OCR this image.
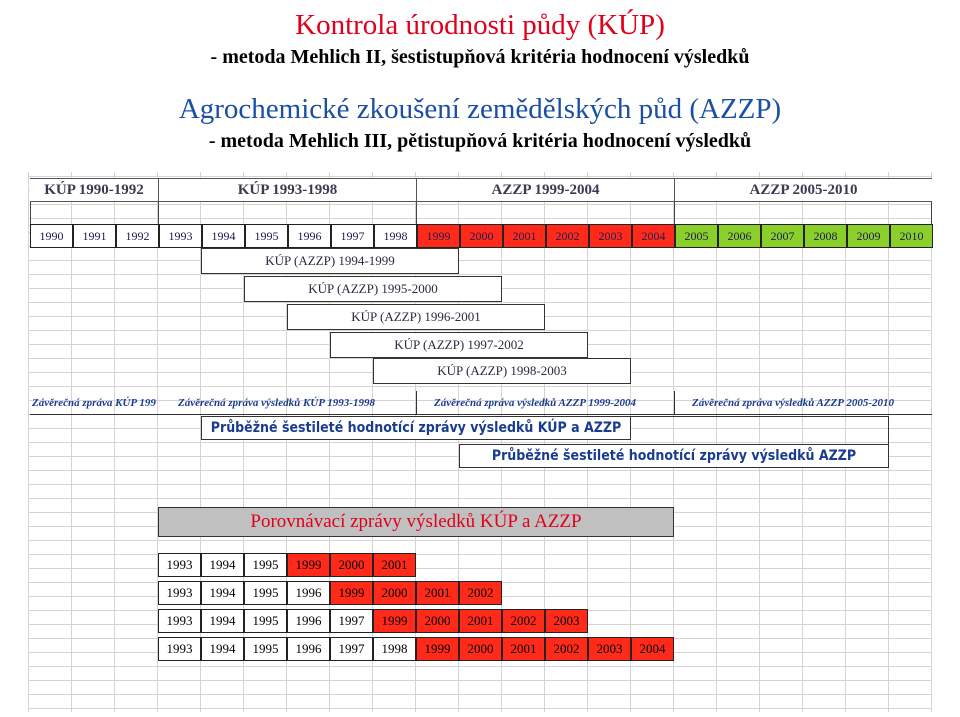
Kontrola úrodnosti půdy (KÚP)
- metoda Mehlich II, šestistupňová kritéria hodnocení výsledků
Agrochemické zkoušení zemědělských půd (AZZP)
- metoda Mehlich III, pětistupňová kritéria hodnocení výsledků
KÚP 1990-1992	KÚP 1993-1998	AZZP 1999-2004	AZZP 2005-2010
1990	1991	1992	1993	1994	1995	1996	1997	1998	1999	2000	2001	2002	2003	2004	2005	2006	2007	2008	2009	2010
KÚP (AZZP) 1994-1999
KÚP (AZZP) 1995-2000
KÚP (AZZP) 1996-2001
KÚP (AZZP) 1997-2002
KÚP (AZZP) 1998-2003
Závěrečná zpráva KÚP 199 Závěrečná zpráva výsledků KÚP 1993-1998	Závěrečná zpráva výsledků AZZP 1999-2004	Závěrečná zpráva výsledků AZZP 2005-2010
Průběžné šestileté hodnotící zprávy výsledků KÚP a AZZP
Průběžné šestileté hodnotící zprávy výsledků AZZP
Porovnávací zprávy výsledků KÚP a AZZP
1993	1994	1995	1999	2000	2001
1993	1994	1995	1996	1999	2000	2001	2002
1993	1994	1995	1996	1997	1999	2000	2001	2002	2003
1993	1994	1995	1996	1997	1998	1999	2000	2001	2002	2003	2004
